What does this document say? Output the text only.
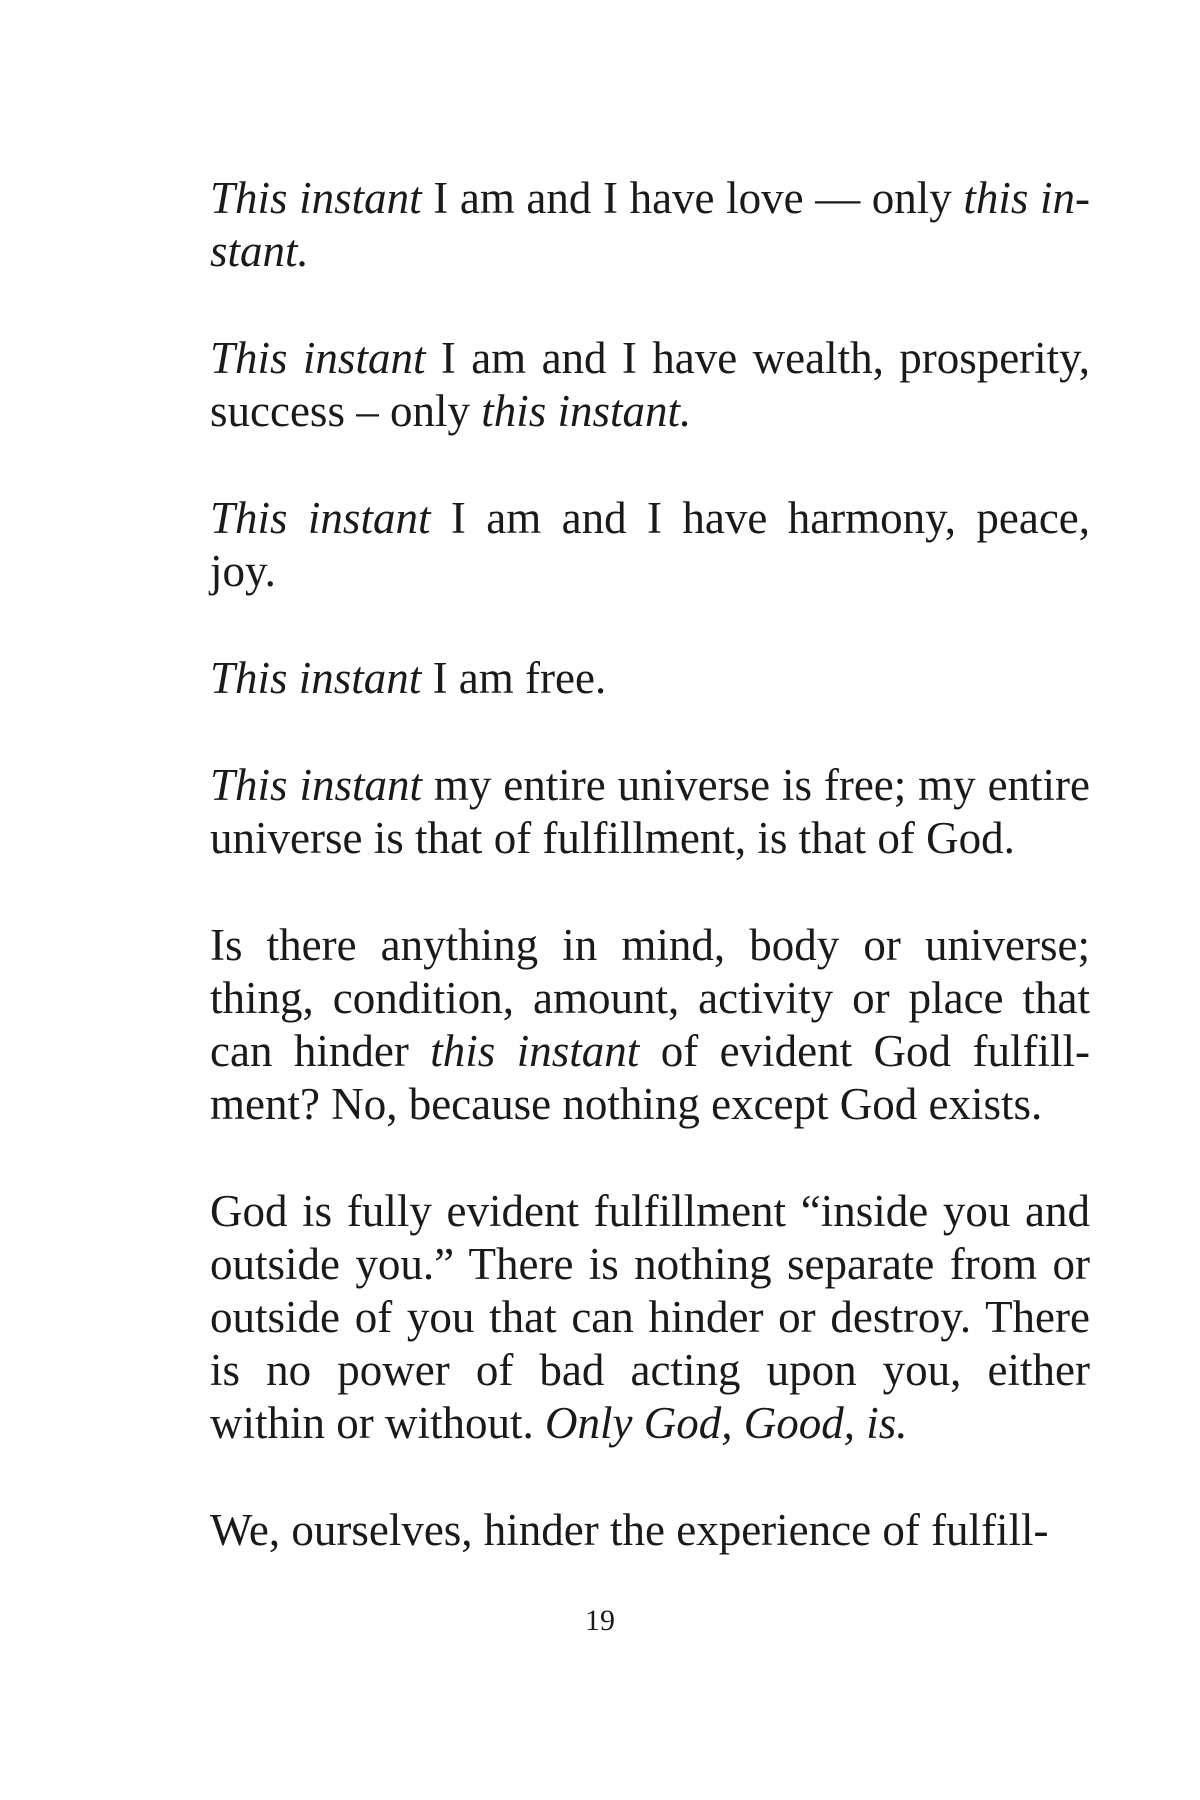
This instant I am and I have love — only this instant.

This instant I am and I have wealth, prosperity, success – only this instant.

This instant I am and I have harmony, peace, joy.

This instant I am free.

This instant my entire universe is free; my entire universe is that of fulfillment, is that of God.

Is there anything in mind, body or universe; thing, condition, amount, activity or place that can hinder this instant of evident God fulfillment? No, because nothing except God exists.

God is fully evident fulfillment “inside you and outside you.” There is nothing separate from or outside of you that can hinder or destroy. There is no power of bad acting upon you, either within or without. Only God, Good, is.

We, ourselves, hinder the experience of fulfill-

19
